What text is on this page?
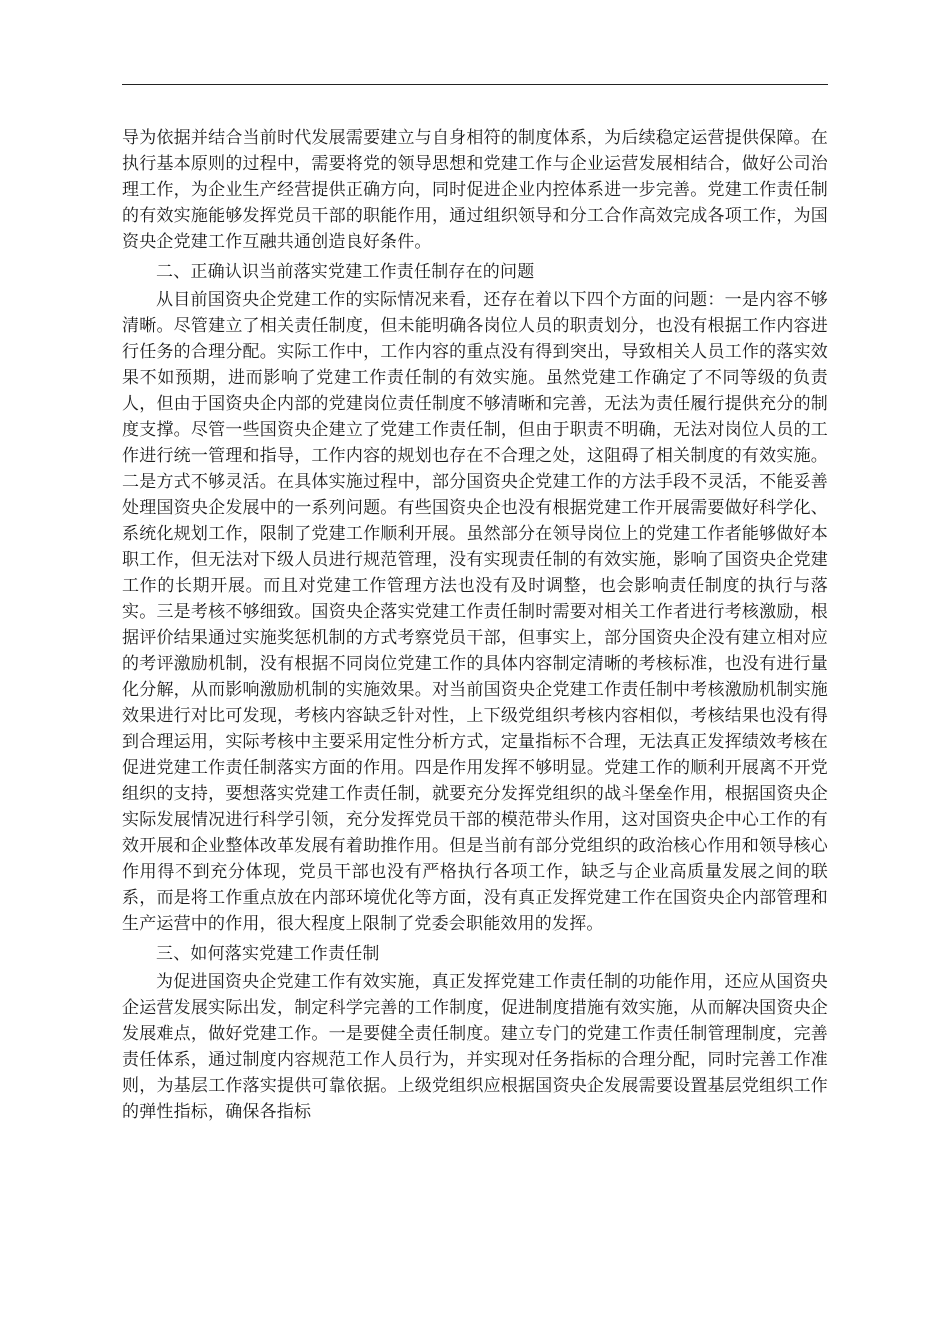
导为依据并结合当前时代发展需要建立与自身相符的制度体系，为后续稳定运营提供保障。在执行基本原则的过程中，需要将党的领导思想和党建工作与企业运营发展相结合，做好公司治理工作，为企业生产经营提供正确方向，同时促进企业内控体系进一步完善。党建工作责任制的有效实施能够发挥党员干部的职能作用，通过组织领导和分工合作高效完成各项工作，为国资央企党建工作互融共通创造良好条件。

二、正确认识当前落实党建工作责任制存在的问题

从目前国资央企党建工作的实际情况来看，还存在着以下四个方面的问题：一是内容不够清晰。尽管建立了相关责任制度，但未能明确各岗位人员的职责划分，也没有根据工作内容进行任务的合理分配。实际工作中，工作内容的重点没有得到突出，导致相关人员工作的落实效果不如预期，进而影响了党建工作责任制的有效实施。虽然党建工作确定了不同等级的负责人，但由于国资央企内部的党建岗位责任制度不够清晰和完善，无法为责任履行提供充分的制度支撑。尽管一些国资央企建立了党建工作责任制，但由于职责不明确，无法对岗位人员的工作进行统一管理和指导，工作内容的规划也存在不合理之处，这阻碍了相关制度的有效实施。二是方式不够灵活。在具体实施过程中，部分国资央企党建工作的方法手段不灵活，不能妥善处理国资央企发展中的一系列问题。有些国资央企也没有根据党建工作开展需要做好科学化、系统化规划工作，限制了党建工作顺利开展。虽然部分在领导岗位上的党建工作者能够做好本职工作，但无法对下级人员进行规范管理，没有实现责任制的有效实施，影响了国资央企党建工作的长期开展。而且对党建工作管理方法也没有及时调整，也会影响责任制度的执行与落实。三是考核不够细致。国资央企落实党建工作责任制时需要对相关工作者进行考核激励，根据评价结果通过实施奖惩机制的方式考察党员干部，但事实上，部分国资央企没有建立相对应的考评激励机制，没有根据不同岗位党建工作的具体内容制定清晰的考核标准，也没有进行量化分解，从而影响激励机制的实施效果。对当前国资央企党建工作责任制中考核激励机制实施效果进行对比可发现，考核内容缺乏针对性，上下级党组织考核内容相似，考核结果也没有得到合理运用，实际考核中主要采用定性分析方式，定量指标不合理，无法真正发挥绩效考核在促进党建工作责任制落实方面的作用。四是作用发挥不够明显。党建工作的顺利开展离不开党组织的支持，要想落实党建工作责任制，就要充分发挥党组织的战斗堡垒作用，根据国资央企实际发展情况进行科学引领，充分发挥党员干部的模范带头作用，这对国资央企中心工作的有效开展和企业整体改革发展有着助推作用。但是当前有部分党组织的政治核心作用和领导核心作用得不到充分体现，党员干部也没有严格执行各项工作，缺乏与企业高质量发展之间的联系，而是将工作重点放在内部环境优化等方面，没有真正发挥党建工作在国资央企内部管理和生产运营中的作用，很大程度上限制了党委会职能效用的发挥。

三、如何落实党建工作责任制

为促进国资央企党建工作有效实施，真正发挥党建工作责任制的功能作用，还应从国资央企运营发展实际出发，制定科学完善的工作制度，促进制度措施有效实施，从而解决国资央企发展难点，做好党建工作。一是要健全责任制度。建立专门的党建工作责任制管理制度，完善责任体系，通过制度内容规范工作人员行为，并实现对任务指标的合理分配，同时完善工作准则，为基层工作落实提供可靠依据。上级党组织应根据国资央企发展需要设置基层党组织工作的弹性指标，确保各指标
